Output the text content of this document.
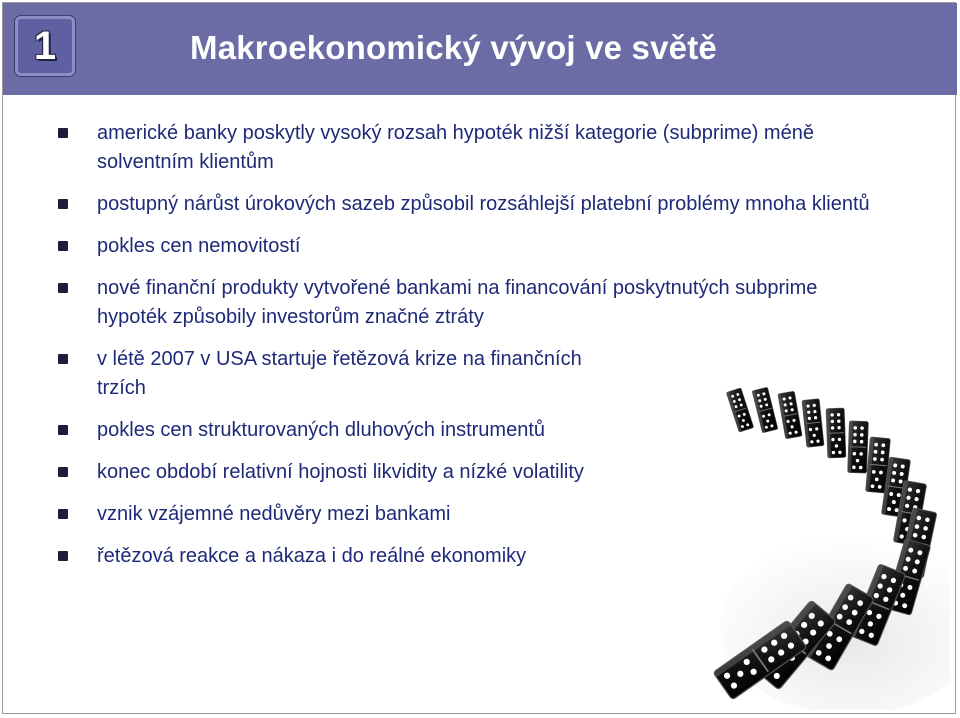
1	Makroekonomický vývoj ve světě
americké banky poskytly vysoký rozsah hypoték nižší kategorie (subprime) méně solventním klientům
postupný nárůst úrokových sazeb způsobil rozsáhlejší platební problémy mnoha klientů
pokles cen nemovitostí
nové finanční produkty vytvořené bankami na financování poskytnutých subprime hypoték způsobily investorům značné ztráty
v létě 2007 v USA startuje řetězová krize na finančních trzích
pokles cen strukturovaných dluhových instrumentů
konec období relativní hojnosti likvidity a nízké volatility
vznik vzájemné nedůvěry mezi bankami
řetězová reakce a nákaza i do reálné ekonomiky
